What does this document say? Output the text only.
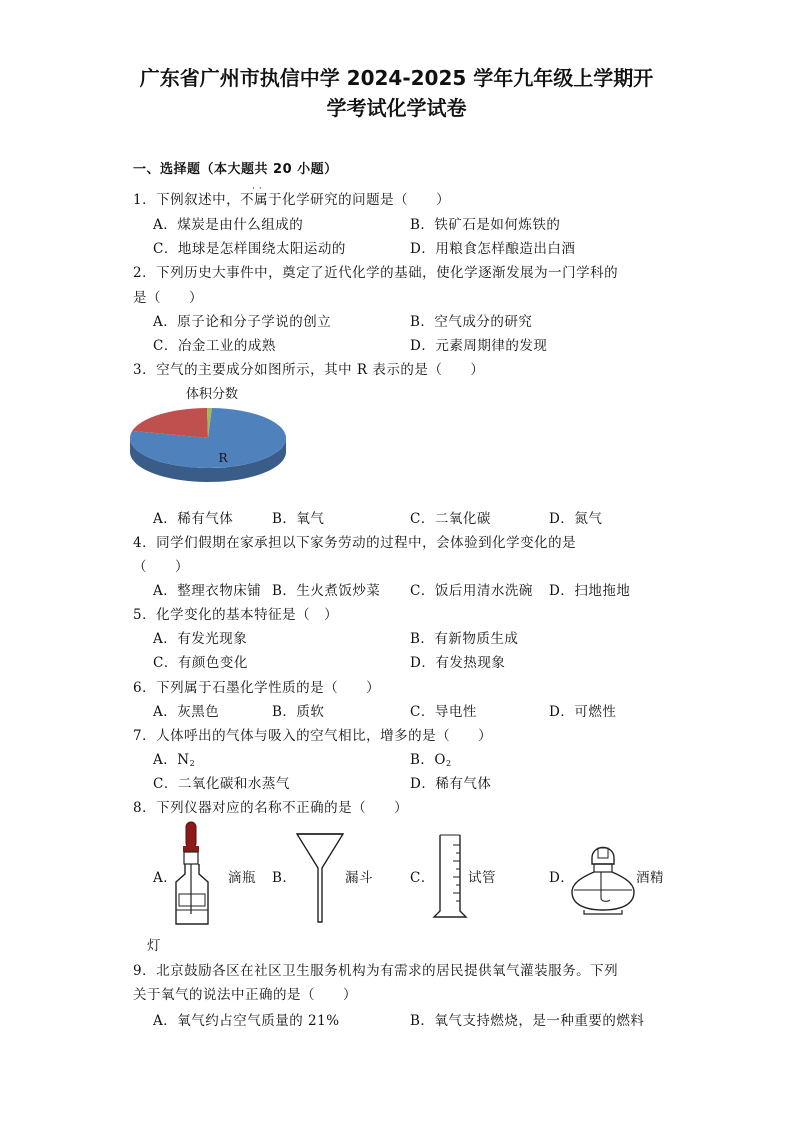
广东省广州市执信中学 2024-2025 学年九年级上学期开
学考试化学试卷
一、选择题（本大题共 20 小题）
··
1．下例叙述中，不属于化学研究的问题是（　　）
A．煤炭是由什么组成的	B．铁矿石是如何炼铁的
C．地球是怎样围绕太阳运动的	D．用粮食怎样酿造出白酒
2．下列历史大事件中，奠定了近代化学的基础，使化学逐渐发展为一门学科的
是（　　）
A．原子论和分子学说的创立	B．空气成分的研究
C．冶金工业的成熟	D．元素周期律的发现
3．空气的主要成分如图所示，其中 R 表示的是（　　）
体积分数
R
A．稀有气体	B．氧气	C．二氧化碳	D．氮气
4．同学们假期在家承担以下家务劳动的过程中，会体验到化学变化的是
（　　）
A．整理衣物床铺 B．生火煮饭炒菜 C．饭后用清水洗碗 D．扫地拖地
5．化学变化的基本特征是（　）
A．有发光现象	B．有新物质生成
C．有颜色变化	D．有发热现象
6．下列属于石墨化学性质的是（　　）
A．灰黑色	B．质软	C．导电性	D．可燃性
7．人体呼出的气体与吸入的空气相比，增多的是（　　）
A．$N_2$	B．$O_2$
C．二氧化碳和水蒸气	D．稀有气体
8．下列仪器对应的名称不正确的是（　　）
A．	滴瓶 B．	漏斗	C． 试管	D．	酒精
灯
9．北京鼓励各区在社区卫生服务机构为有需求的居民提供氧气灌装服务。下列
关于氧气的说法中正确的是（　　）
A．氧气约占空气质量的 21%	B．氧气支持燃烧，是一种重要的燃料
